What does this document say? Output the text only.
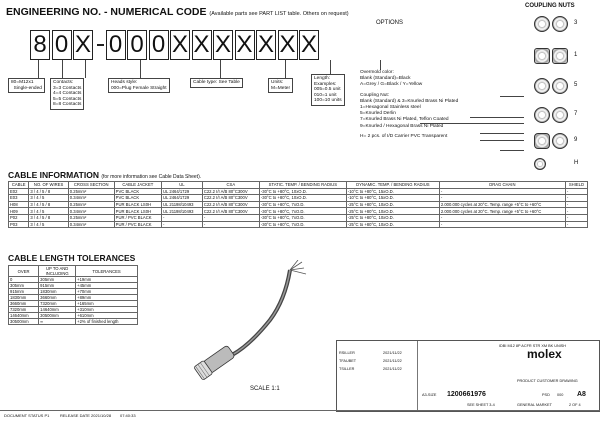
ENGINEERING NO. - NUMERICAL CODE (Available parts see PART LIST table. Others on request)
OPTIONS
COUPLING NUTS
8 0 X 0 0 0 X X X X X X X
80=M12x1
Single-ended
Contacts:
3=3 Contacts
4=4 Contacts
5=5 Contacts
8=8 Contacts
Heads style:
000=Plug Female Straight
Cable type: See Table	Units:
M=Meter
Length:
Examples:
005=0.5 unit
010=1 unit
100=10 units
Overmold color:
Blank (Standard)=Black
A=Grey / G=Black / Y=Yellow
Coupling Nut:
Blank (Standard) & 3=Knurled Brass Ni Plated
1=Hexagonal Stainless steel
5=Knurled Derlin
7=Knurled Brass Ni Plated, Teflon Coated
9=Knurled / Hexagonal Brass Ni Plated
H= 2 pcs. of I/D Carrier PVC Transparent
3
1
5
7
9
H
CABLE INFORMATION (for more information see Cable Data Sheet).
CABLE	NO. OF WIRES	CROSS SECTION	CABLE JACKET	UL	CSA	STATIC. TEMP. / BENDING RADIUS	DYNAMIC. TEMP. / BENDING RADIUS	DRAG CHAIN	SHIELD
E02	3 / 4 / 5 / 8	0.25mm²	PVC BLACK	UL 2464/1729	C22.2 I/I A/B 80°C300V	-30°C to +80°C, 10xO.D.	-10°C to +80°C, 15xO.D.	-	-
E03	3 / 4 / 5	0.34mm²	PVC BLACK	UL 2464/1729	C22.2 I/I A/B 80°C300V	-30°C to +80°C, 10xO.D.	-10°C to +80°C, 15xO.D.	-	-
H08	3 / 4 / 5 / 8	0.25mm²	PUR BLACK LS0H	UL 21198/10493	C22.2 I/I A/B 80°C300V	-30°C to +80°C, 7xO.D.	-25°C to +80°C, 10xO.D.	2.000.000 cycles at 20°C. Temp. range +5°C to +60°C	-
H09	3 / 4 / 5	0.34mm²	PUR BLACK LS0H	UL 21198/10493	C22.2 I/I A/B 80°C300V	-30°C to +80°C, 7xO.D.	-25°C to +80°C, 10xO.D.	2.000.000 cycles at 20°C. Temp. range +5°C to +60°C	-
P02	3 / 4 / 5 / 8	0.25mm²	PUR / PVC BLACK	-	-	-30°C to +80°C, 7xO.D.	-25°C to +80°C, 10xO.D.	-	-
P03	3 / 4 / 5	0.34mm²	PUR / PVC BLACK	-	-	-30°C to +80°C, 7xO.D.	-25°C to +80°C, 10xO.D.	-	-
CABLE LENGTH TOLERANCES
OVER	UP TO AND INCLUDING	TOLERANCES
0	305mm	+19mm
305mm	915mm	+45mm
915mm	1830mm	+70mm
1830mm	3660mm	+89mm
3660mm	7320mm	+165mm
7320mm	14640mm	+310mm
14640mm	30500mm	+610mm
30500mm	∞	+2% of finished length
SCALE 1:1
RSILLER
TFAUBET
TSILLER
2021/11/22
2021/11/22
2021/11/22
IDBI M12 8P ACFR STR XM BK UNISH
molex
PRODUCT CUSTOMER DRAWING
A3-SIZE 1200661976	PSD 000 A8
SEE SHEET 3-4	GENERAL MARKET	2 OF 4
DOCUMENT STATUS P1	RELEASE DATE 2021/10/28 07:40:33
